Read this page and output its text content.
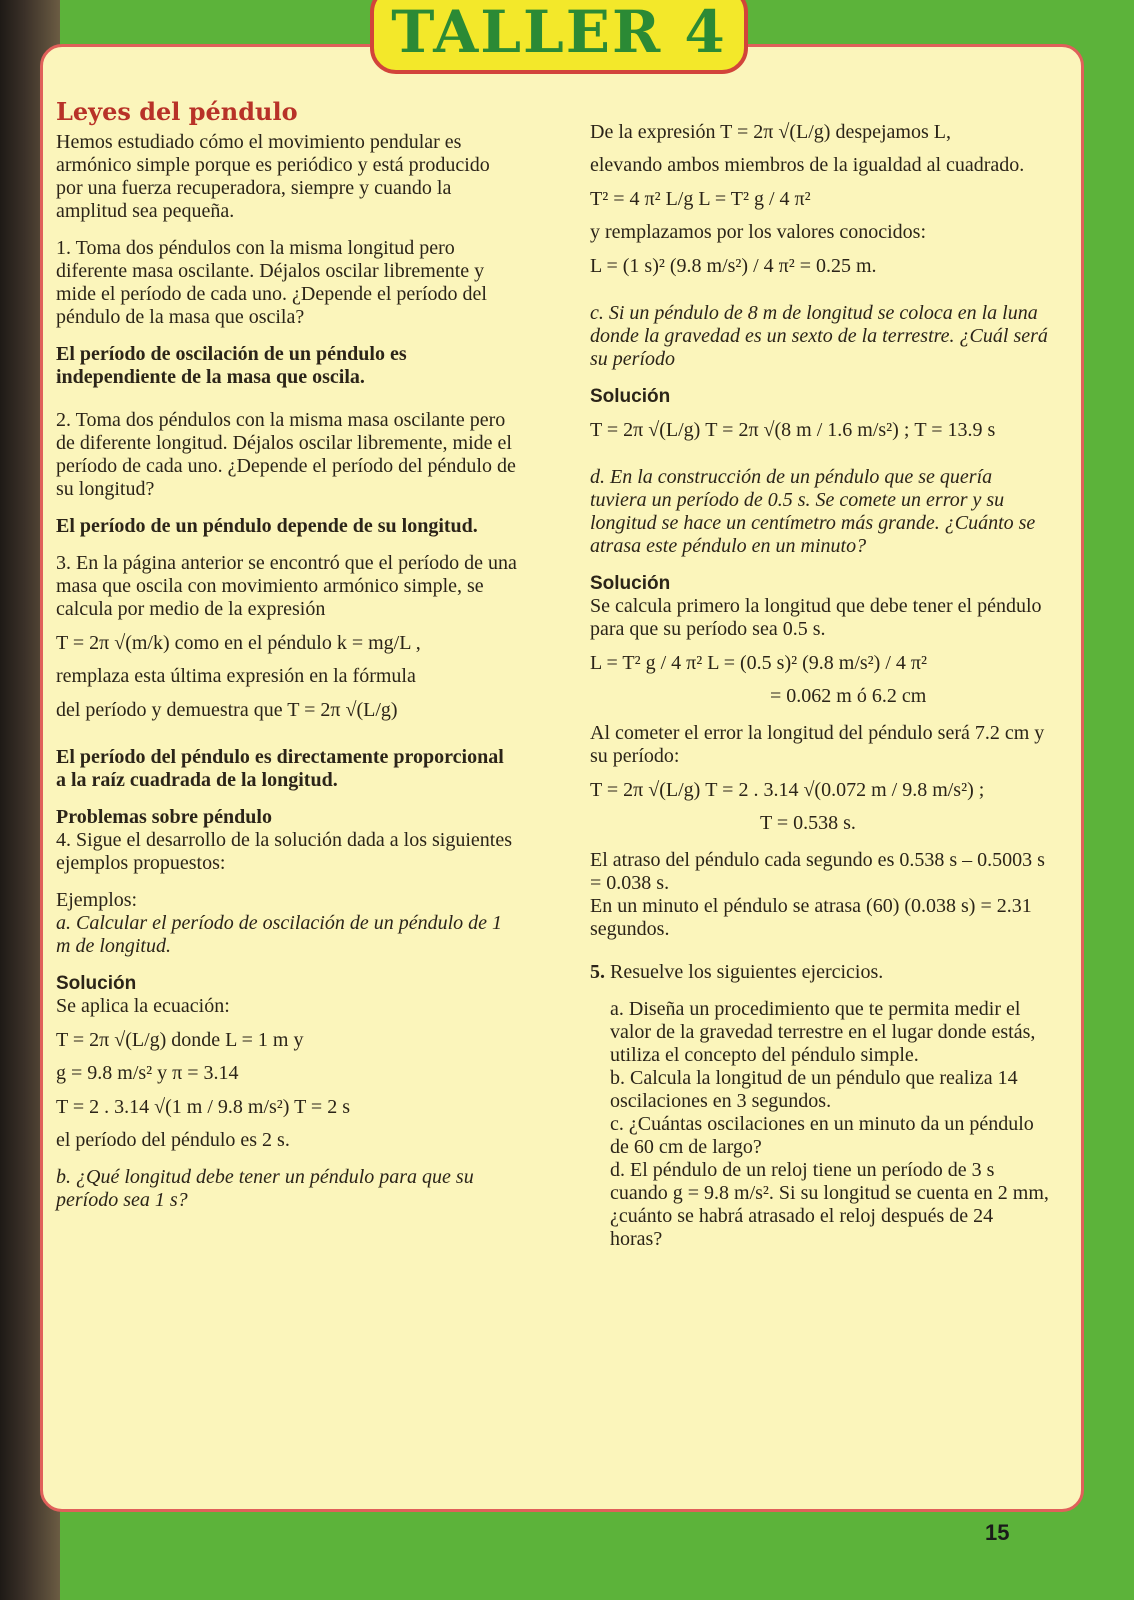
TALLER 4

Leyes del péndulo

Hemos estudiado cómo el movimiento pendular es armónico simple porque es periódico y está producido por una fuerza recuperadora, siempre y cuando la amplitud sea pequeña.

1. Toma dos péndulos con la misma longitud pero diferente masa oscilante. Déjalos oscilar libremente y mide el período de cada uno. ¿Depende el período del péndulo de la masa que oscila?

El período de oscilación de un péndulo es independiente de la masa que oscila.

2. Toma dos péndulos con la misma masa oscilante pero de diferente longitud. Déjalos oscilar libremente, mide el período de cada uno. ¿Depende el período del péndulo de su longitud?

El período de un péndulo depende de su longitud.

3. En la página anterior se encontró que el período de una masa que oscila con movimiento armónico simple, se calcula por medio de la expresión

T = 2π √(m/k) como en el péndulo k = mg/L ,

remplaza esta última expresión en la fórmula

del período y demuestra que T = 2π √(L/g)

El período del péndulo es directamente proporcional a la raíz cuadrada de la longitud.

Problemas sobre péndulo

4. Sigue el desarrollo de la solución dada a los siguientes ejemplos propuestos:

Ejemplos:

a. Calcular el período de oscilación de un péndulo de 1 m de longitud.

Solución

Se aplica la ecuación:

T = 2π √(L/g) donde L = 1 m y

g = 9.8 m/s² y π = 3.14

T = 2 . 3.14 √(1 m / 9.8 m/s²) T = 2 s

el período del péndulo es 2 s.

b. ¿Qué longitud debe tener un péndulo para que su período sea 1 s?

De la expresión T = 2π √(L/g) despejamos L,

elevando ambos miembros de la igualdad al cuadrado.

T² = 4 π² L/g L = T² g / 4 π²

y remplazamos por los valores conocidos:

L = (1 s)² (9.8 m/s²) / 4 π² = 0.25 m.

c. Si un péndulo de 8 m de longitud se coloca en la luna donde la gravedad es un sexto de la terrestre. ¿Cuál será su período

Solución

T = 2π √(L/g) T = 2π √(8 m / 1.6 m/s²) ; T = 13.9 s

d. En la construcción de un péndulo que se quería tuviera un período de 0.5 s. Se comete un error y su longitud se hace un centímetro más grande. ¿Cuánto se atrasa este péndulo en un minuto?

Solución

Se calcula primero la longitud que debe tener el péndulo para que su período sea 0.5 s.

L = T² g / 4 π² L = (0.5 s)² (9.8 m/s²) / 4 π²

= 0.062 m ó 6.2 cm

Al cometer el error la longitud del péndulo será 7.2 cm y su período:

T = 2π √(L/g) T = 2 . 3.14 √(0.072 m / 9.8 m/s²) ;

T = 0.538 s.

El atraso del péndulo cada segundo es 0.538 s – 0.5003 s = 0.038 s.

En un minuto el péndulo se atrasa (60) (0.038 s) = 2.31 segundos.

5. Resuelve los siguientes ejercicios.

a. Diseña un procedimiento que te permita medir el valor de la gravedad terrestre en el lugar donde estás, utiliza el concepto del péndulo simple.

b. Calcula la longitud de un péndulo que realiza 14 oscilaciones en 3 segundos.

c. ¿Cuántas oscilaciones en un minuto da un péndulo de 60 cm de largo?

d. El péndulo de un reloj tiene un período de 3 s cuando g = 9.8 m/s². Si su longitud se cuenta en 2 mm, ¿cuánto se habrá atrasado el reloj después de 24 horas?

15
